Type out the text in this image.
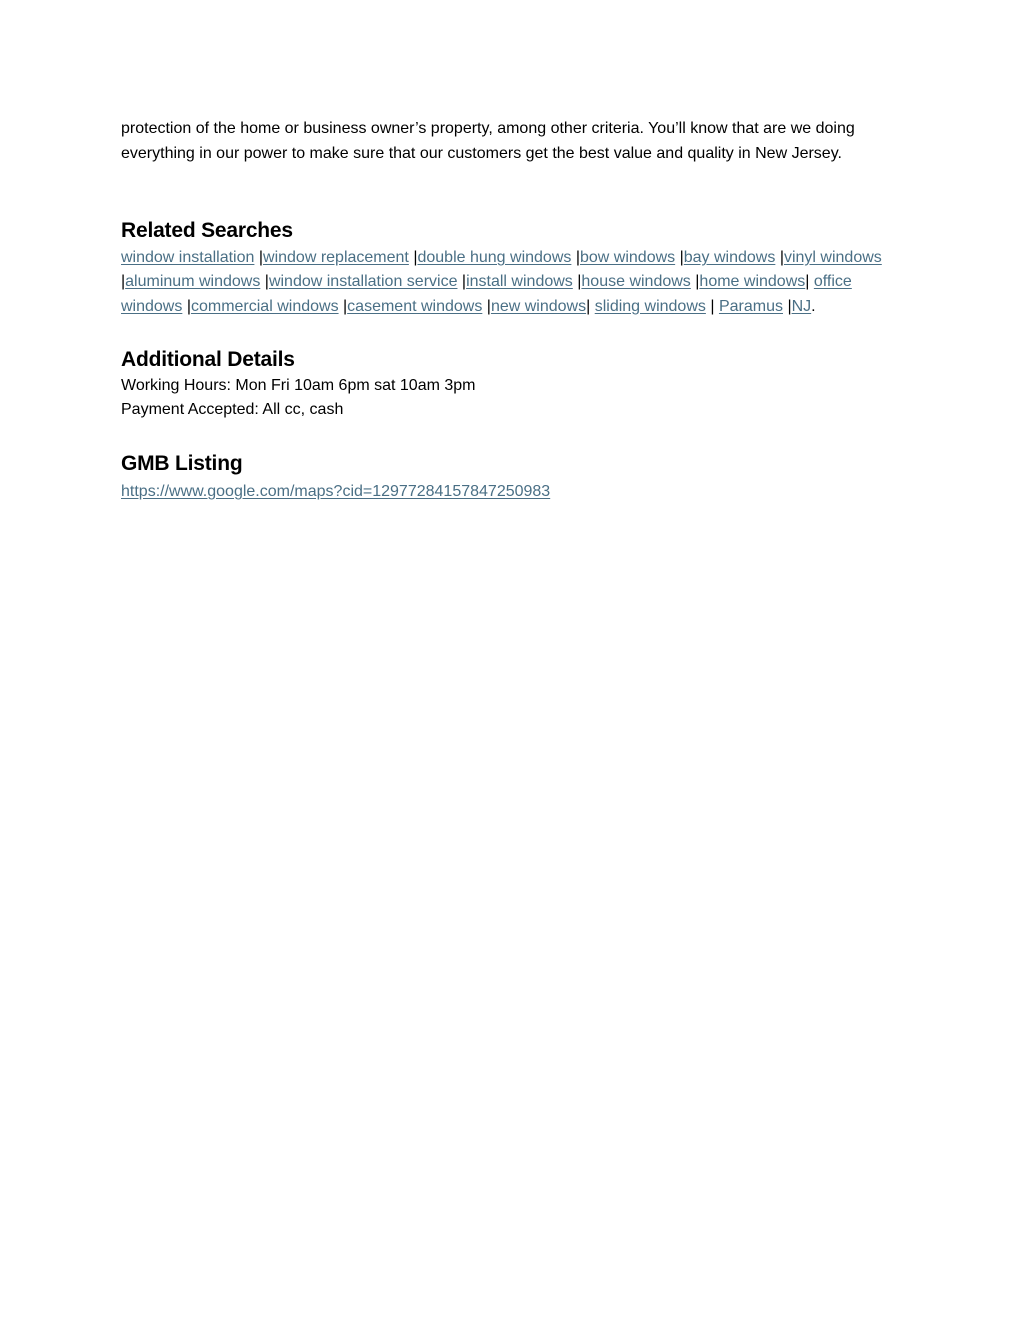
protection of the home or business owner’s property, among other criteria. You’ll know that are we doing everything in our power to make sure that our customers get the best value and quality in New Jersey.

Related Searches

window installation |window replacement |double hung windows |bow windows |bay windows |vinyl windows |aluminum windows |window installation service |install windows |house windows |home windows| office windows |commercial windows |casement windows |new windows| sliding windows | Paramus |NJ.

Additional Details

Working Hours: Mon Fri 10am 6pm sat 10am 3pm

Payment Accepted: All cc, cash

GMB Listing

https://www.google.com/maps?cid=12977284157847250983
